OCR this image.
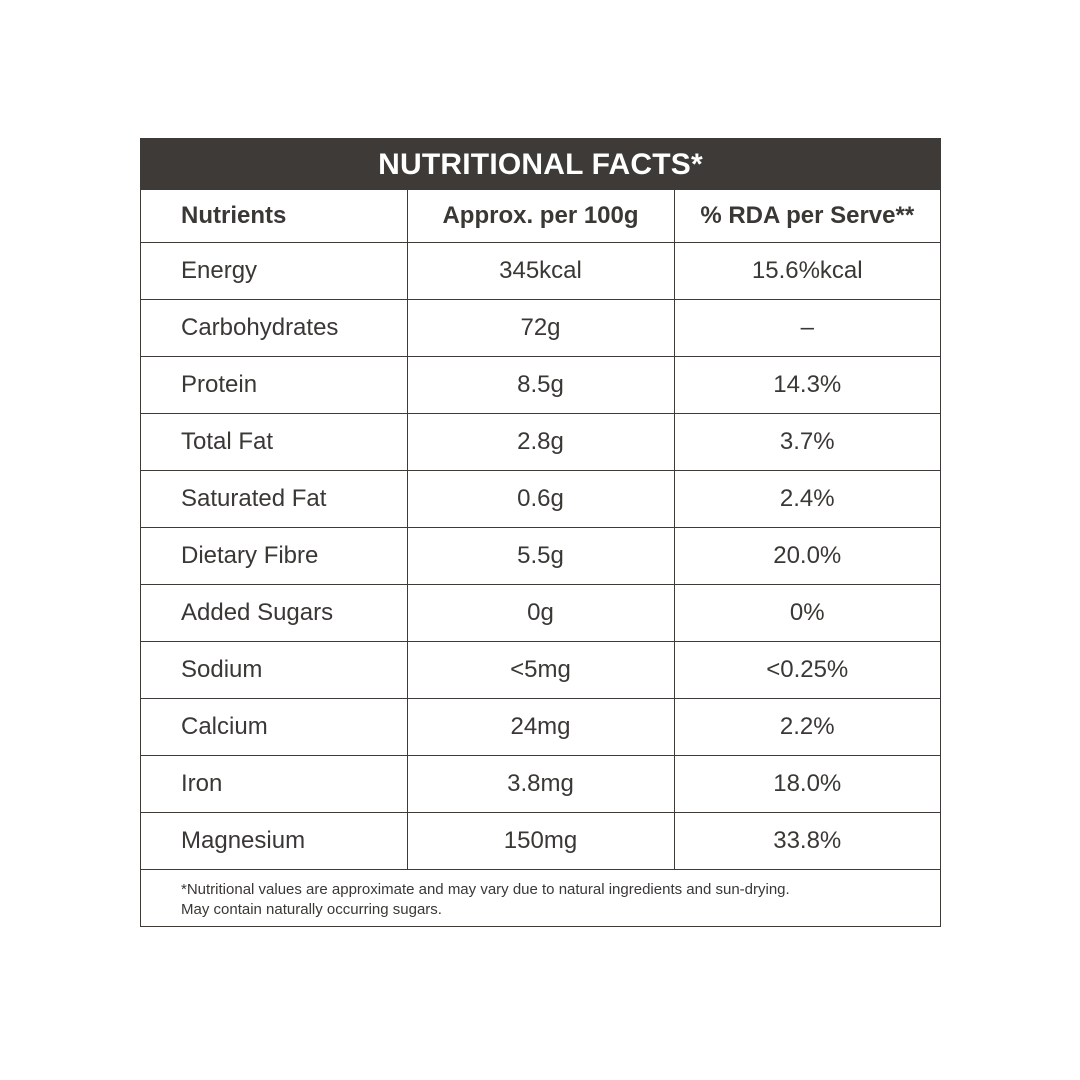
NUTRITIONAL FACTS*
Nutrients	Approx. per 100g	% RDA per Serve**
Energy	345kcal	15.6%kcal
Carbohydrates	72g	–
Protein	8.5g	14.3%
Total Fat	2.8g	3.7%
Saturated Fat	0.6g	2.4%
Dietary Fibre	5.5g	20.0%
Added Sugars	0g	0%
Sodium	<5mg	<0.25%
Calcium	24mg	2.2%
Iron	3.8mg	18.0%
Magnesium	150mg	33.8%
*Nutritional values are approximate and may vary due to natural ingredients and sun-drying.
May contain naturally occurring sugars.
